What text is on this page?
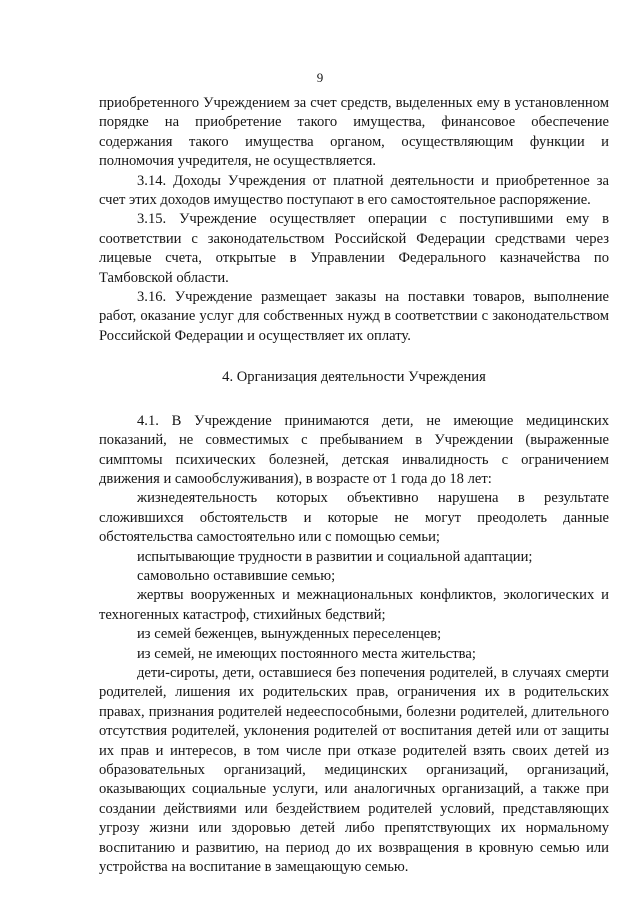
9

приобретенного Учреждением за счет средств, выделенных ему в установленном порядке на приобретение такого имущества, финансовое обеспечение содержания такого имущества органом, осуществляющим функции и полномочия учредителя, не осуществляется.

3.14. Доходы Учреждения от платной деятельности и приобретенное за счет этих доходов имущество поступают в его самостоятельное распоряжение.

3.15. Учреждение осуществляет операции с поступившими ему в соответствии с законодательством Российской Федерации средствами через лицевые счета, открытые в Управлении Федерального казначейства по Тамбовской области.

3.16. Учреждение размещает заказы на поставки товаров, выполнение работ, оказание услуг для собственных нужд в соответствии с законодательством Российской Федерации и осуществляет их оплату.

4. Организация деятельности Учреждения

4.1. В Учреждение принимаются дети, не имеющие медицинских показаний, не совместимых с пребыванием в Учреждении (выраженные симптомы психических болезней, детская инвалидность с ограничением движения и самообслуживания), в возрасте от 1 года до 18 лет:

жизнедеятельность которых объективно нарушена в результате сложившихся обстоятельств и которые не могут преодолеть данные обстоятельства самостоятельно или с помощью семьи;

испытывающие трудности в развитии и социальной адаптации;

самовольно оставившие семью;

жертвы вооруженных и межнациональных конфликтов, экологических и техногенных катастроф, стихийных бедствий;

из семей беженцев, вынужденных переселенцев;

из семей, не имеющих постоянного места жительства;

дети-сироты, дети, оставшиеся без попечения родителей, в случаях смерти родителей, лишения их родительских прав, ограничения их в родительских правах, признания родителей недееспособными, болезни родителей, длительного отсутствия родителей, уклонения родителей от воспитания детей или от защиты их прав и интересов, в том числе при отказе родителей взять своих детей из образовательных организаций, медицинских организаций, организаций, оказывающих социальные услуги, или аналогичных организаций, а также при создании действиями или бездействием родителей условий, представляющих угрозу жизни или здоровью детей либо препятствующих их нормальному воспитанию и развитию, на период до их возвращения в кровную семью или устройства на воспитание в замещающую семью.
